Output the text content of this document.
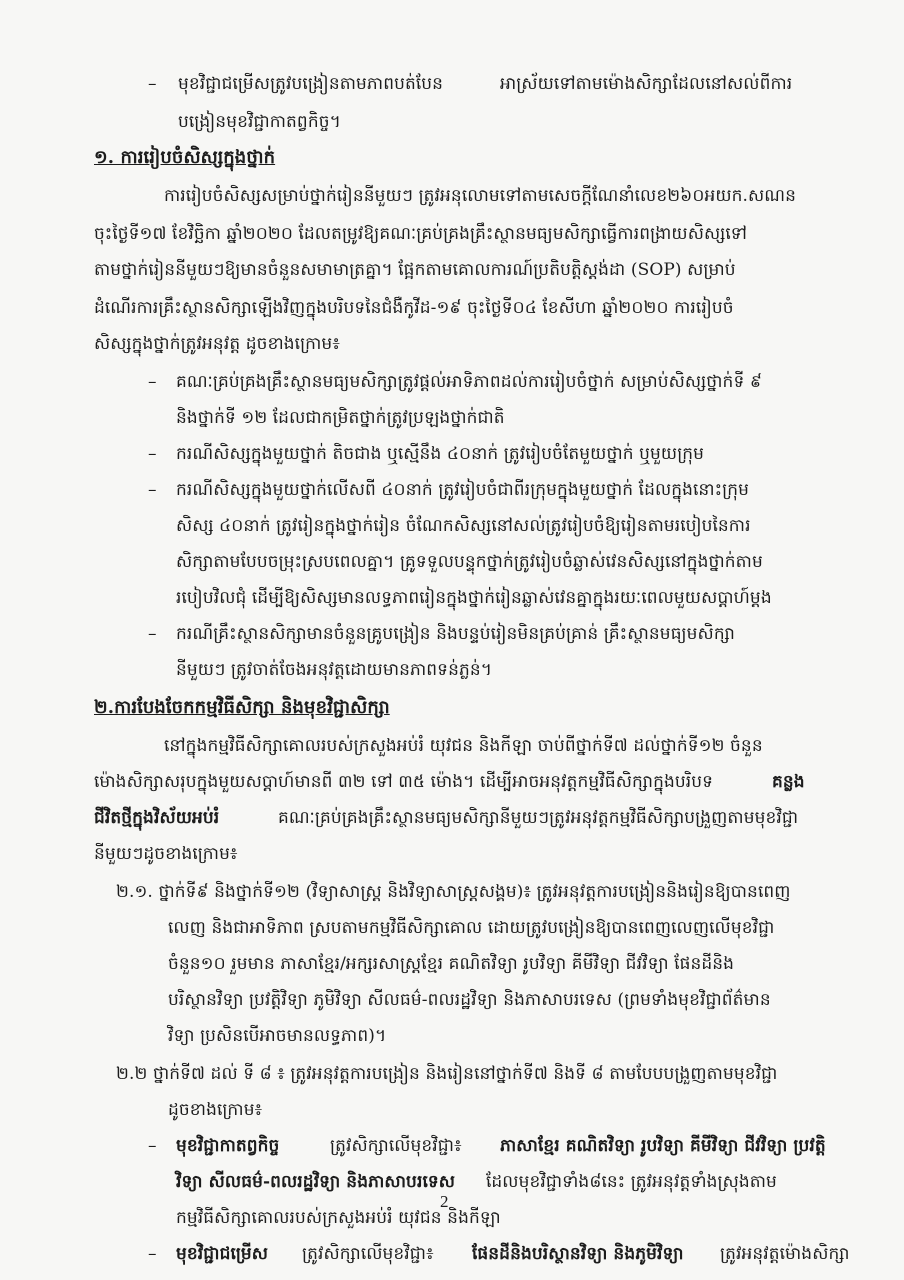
– មុខវិជ្ជាជម្រើសត្រូវបង្រៀនតាមភាពបត់បែន	អាស្រ័យទៅតាមម៉ោងសិក្សាដែលនៅសល់ពីការ
បង្រៀនមុខវិជ្ជាកាតព្វកិច្ច។
១. ការរៀបចំសិស្សក្នុងថ្នាក់
ការរៀបចំសិស្សសម្រាប់ថ្នាក់រៀននីមួយៗ ត្រូវអនុលោមទៅតាមសេចក្តីណែនាំលេខ២៦០អយក.សណន
ចុះថ្ងៃទី១៧ ខែវិច្ឆិកា ឆ្នាំ២០២០ ដែលតម្រូវឱ្យគណៈគ្រប់គ្រងគ្រឹះស្ថានមធ្យមសិក្សាធ្វើការពង្រាយសិស្សទៅ
តាមថ្នាក់រៀននីមួយៗឱ្យមានចំនួនសមាមាត្រគ្នា។ ផ្អែកតាមគោលការណ៍ប្រតិបត្តិស្តង់ដា (SOP) សម្រាប់
ដំណើរការគ្រឹះស្ថានសិក្សាឡើងវិញក្នុងបរិបទនៃជំងឺកូវីដ-១៩ ចុះថ្ងៃទី០៤ ខែសីហា ឆ្នាំ២០២០ ការរៀបចំ
សិស្សក្នុងថ្នាក់ត្រូវអនុវត្ត ដូចខាងក្រោម៖
– គណៈគ្រប់គ្រងគ្រឹះស្ថានមធ្យមសិក្សាត្រូវផ្តល់អាទិភាពដល់ការរៀបចំថ្នាក់ សម្រាប់សិស្សថ្នាក់ទី ៩
និងថ្នាក់ទី ១២ ដែលជាកម្រិតថ្នាក់ត្រូវប្រឡងថ្នាក់ជាតិ
– ករណីសិស្សក្នុងមួយថ្នាក់ តិចជាង ឬស្មើនឹង ៤០នាក់ ត្រូវរៀបចំតែមួយថ្នាក់ ឬមួយក្រុម
– ករណីសិស្សក្នុងមួយថ្នាក់លើសពី ៤០នាក់ ត្រូវរៀបចំជាពីរក្រុមក្នុងមួយថ្នាក់ ដែលក្នុងនោះក្រុម
សិស្ស ៤០នាក់ ត្រូវរៀនក្នុងថ្នាក់រៀន ចំណែកសិស្សនៅសល់ត្រូវរៀបចំឱ្យរៀនតាមរបៀបនៃការ
សិក្សាតាមបែបចម្រុះស្របពេលគ្នា។ គ្រូទទួលបន្ទុកថ្នាក់ត្រូវរៀបចំឆ្លាស់វេនសិស្សនៅក្នុងថ្នាក់តាម
របៀបវិលជុំ ដើម្បីឱ្យសិស្សមានលទ្ធភាពរៀនក្នុងថ្នាក់រៀនឆ្លាស់វេនគ្នាក្នុងរយៈពេលមួយសប្តាហ៍ម្តង
– ករណីគ្រឹះស្ថានសិក្សាមានចំនួនគ្រូបង្រៀន និងបន្ទប់រៀនមិនគ្រប់គ្រាន់ គ្រឹះស្ថានមធ្យមសិក្សា
នីមួយៗ ត្រូវចាត់ចែងអនុវត្តដោយមានភាពទន់ភ្លន់។
២.ការបែងចែកកម្មវិធីសិក្សា និងមុខវិជ្ជាសិក្សា
នៅក្នុងកម្មវិធីសិក្សាគោលរបស់ក្រសួងអប់រំ យុវជន និងកីឡា ចាប់ពីថ្នាក់ទី៧ ដល់ថ្នាក់ទី១២ ចំនួន
ម៉ោងសិក្សាសរុបក្នុងមួយសប្តាហ៍មានពី ៣២ ទៅ ៣៥ ម៉ោង។ ដើម្បីអាចអនុវត្តកម្មវិធីសិក្សាក្នុងបរិបទ	គន្លង
ជីវិតថ្មីក្នុងវិស័យអប់រំ	គណៈគ្រប់គ្រងគ្រឹះស្ថានមធ្យមសិក្សានីមួយៗត្រូវអនុវត្តកម្មវិធីសិក្សាបង្រួញតាមមុខវិជ្ជា
នីមួយៗដូចខាងក្រោម៖
២.១. ថ្នាក់ទី៩ និងថ្នាក់ទី១២ (វិទ្យាសាស្ត្រ និងវិទ្យាសាស្ត្រសង្គម)៖ ត្រូវអនុវត្តការបង្រៀននិងរៀនឱ្យបានពេញ
លេញ និងជាអាទិភាព ស្របតាមកម្មវិធីសិក្សាគោល ដោយត្រូវបង្រៀនឱ្យបានពេញលេញលើមុខវិជ្ជា
ចំនួន១០ រួមមាន ភាសាខ្មែរ/អក្សរសាស្ត្រខ្មែរ គណិតវិទ្យា រូបវិទ្យា គីមីវិទ្យា ជីវវិទ្យា ផែនដីនិង
បរិស្ថានវិទ្យា ប្រវត្តិវិទ្យា ភូមិវិទ្យា សីលធម៌-ពលរដ្ឋវិទ្យា និងភាសាបរទេស (ព្រមទាំងមុខវិជ្ជាព័ត៌មាន
វិទ្យា ប្រសិនបើអាចមានលទ្ធភាព)។
២.២ ថ្នាក់ទី៧ ដល់ ទី ៨ ៖ ត្រូវអនុវត្តការបង្រៀន និងរៀននៅថ្នាក់ទី៧ និងទី ៨ តាមបែបបង្រួញតាមមុខវិជ្ជា
ដូចខាងក្រោម៖
– មុខវិជ្ជាកាតព្វកិច្ច	ត្រូវសិក្សាលើមុខវិជ្ជា៖ ភាសាខ្មែរ គណិតវិទ្យា រូបវិទ្យា គីមីវិទ្យា ជីវវិទ្យា ប្រវត្តិ
វិទ្យា សីលធម៌-ពលរដ្ឋវិទ្យា និងភាសាបរទេស ដែលមុខវិជ្ជាទាំង៨នេះ ត្រូវអនុវត្តទាំងស្រុងតាម
កម្មវិធីសិក្សាគោលរបស់ក្រសួងអប់រំ យុវជន និងកីឡា
– មុខវិជ្ជាជម្រើស ត្រូវសិក្សាលើមុខវិជ្ជា៖ ផែនដីនិងបរិស្ថានវិទ្យា និងភូមិវិទ្យា ត្រូវអនុវត្តម៉ោងសិក្សា
2
